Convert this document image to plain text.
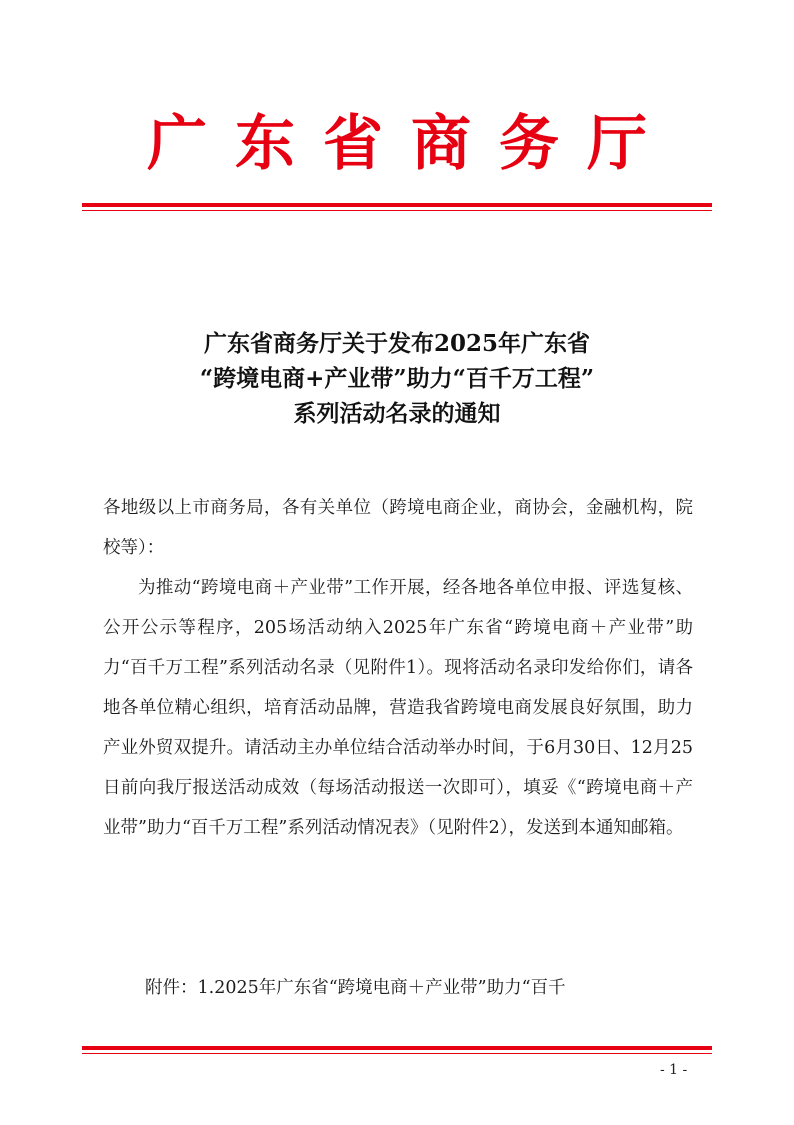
广东省商务厅
广东省商务厅关于发布2025年广东省
“跨境电商+产业带”助力“百千万工程”
系列活动名录的通知
各地级以上市商务局，各有关单位（跨境电商企业，商协会，金融机构，院校等）：
为推动“跨境电商＋产业带”工作开展，经各地各单位申报、评选复核、公开公示等程序，205场活动纳入2025年广东省“跨境电商＋产业带”助力“百千万工程”系列活动名录（见附件1）。现将活动名录印发给你们，请各地各单位精心组织，培育活动品牌，营造我省跨境电商发展良好氛围，助力产业外贸双提升。请活动主办单位结合活动举办时间，于6月30日、12月25日前向我厅报送活动成效（每场活动报送一次即可），填妥《“跨境电商＋产业带”助力“百千万工程”系列活动情况表》（见附件2），发送到本通知邮箱。
附件：1.2025年广东省“跨境电商＋产业带”助力“百千
- 1 -
